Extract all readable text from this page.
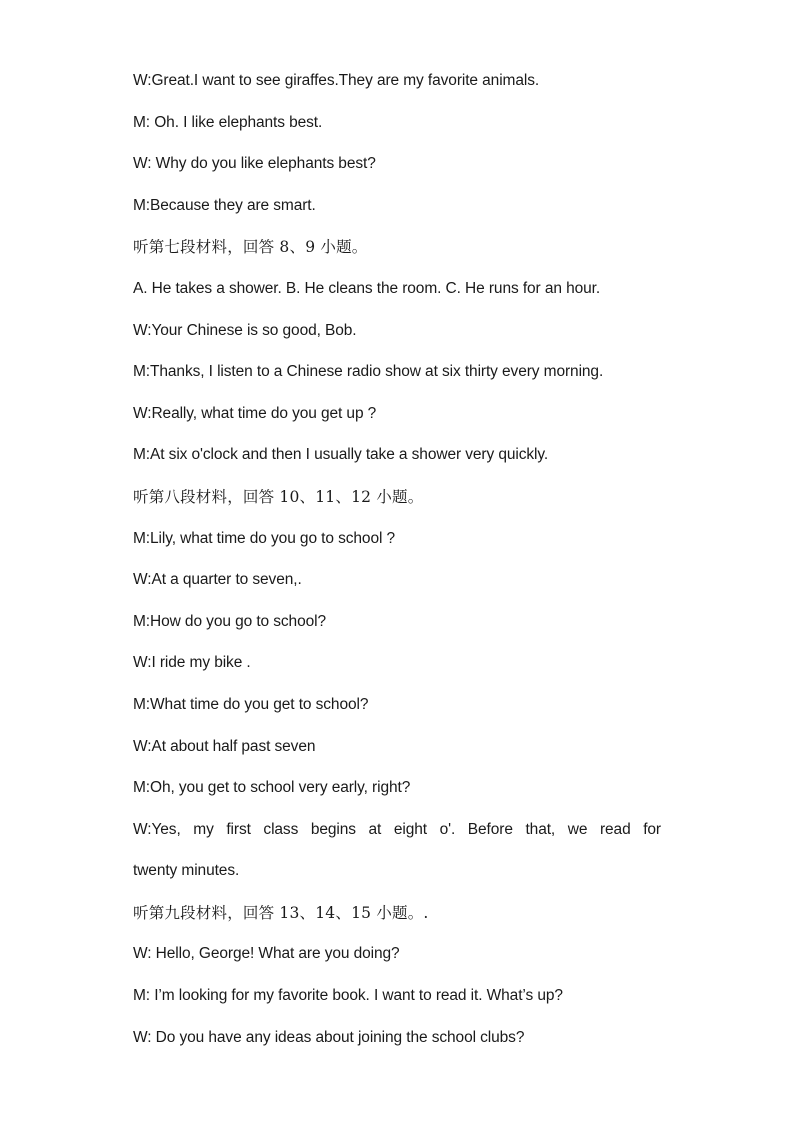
W:Great.I want to see giraffes.They are my favorite animals.
M: Oh. I like elephants best.
W: Why do you like elephants best?
M:Because they are smart.
听第七段材料，回答 8、9 小题。
A. He takes a shower. B. He cleans the room. C. He runs for an hour.
W:Your Chinese is so good, Bob.
M:Thanks, I listen to a Chinese radio show at six thirty every morning.
W:Really, what time do you get up ?
M:At six o'clock and then I usually take a shower very quickly.
听第八段材料，回答 10、11、12 小题。
M:Lily, what time do you go to school ?
W:At a quarter to seven,.
M:How do you go to school?
W:I ride my bike .
M:What time do you get to school?
W:At about half past seven
M:Oh, you get to school very early, right?
W:Yes, my first class begins at eight o'. Before that, we read for
twenty minutes.
听第九段材料，回答 13、14、15 小题。.
W: Hello, George! What are you doing?
M: I’m looking for my favorite book. I want to read it. What’s up?
W: Do you have any ideas about joining the school clubs?
